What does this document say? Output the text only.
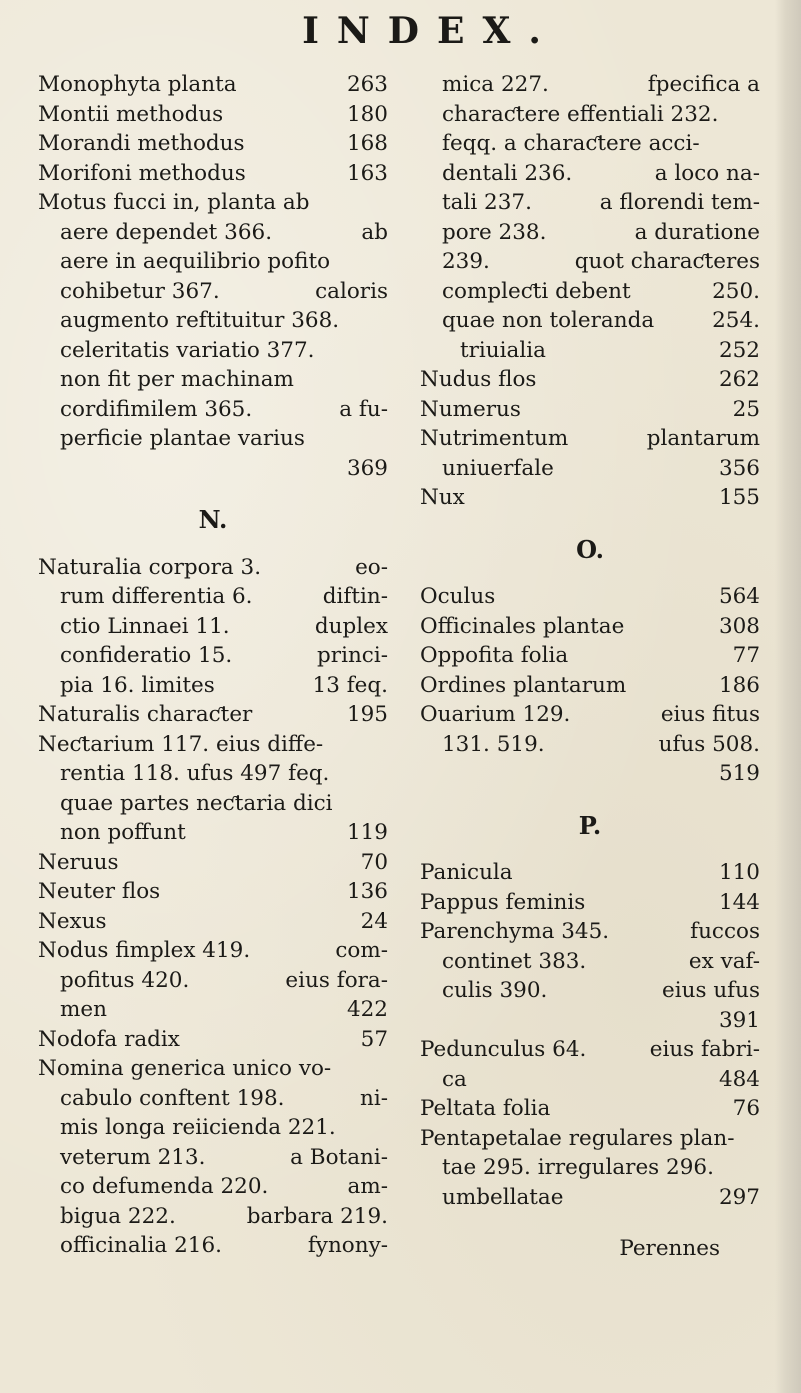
INDEX.
Monophyta planta	263
Montii methodus	180
Morandi methodus	168
Morifoni methodus	163
Motus fucci in, planta ab
aere dependet 366.	ab
aere in aequilibrio pofito
cohibetur 367.	caloris
augmento reftituitur 368.
celeritatis variatio 377.
non fit per machinam
cordifimilem 365.	a fu-
perficie plantae varius
369
N.
Naturalia corpora 3.	eo-
rum differentia 6.	diftin-
ctio Linnaei 11.	duplex
confideratio 15.	princi-
pia 16. limites	13 feq.
Naturalis charaƈter	195
Neƈtarium 117. eius diffe-
rentia 118. ufus 497 feq.
quae partes neƈtaria dici
non poffunt	119
Neruus	70
Neuter flos	136
Nexus	24
Nodus fimplex 419.	com-
pofitus 420.	eius fora-
men	422
Nodofa radix	57
Nomina generica unico vo-
cabulo conftent 198.	ni-
mis longa reiicienda 221.
veterum 213.	a Botani-
co defumenda 220.	am-
bigua 222.	barbara 219.
officinalia 216.	fynony-
mica 227.	fpecifica a
charaƈtere effentiali 232.
feqq. a charaƈtere acci-
dentali 236.	a loco na-
tali 237.	a florendi tem-
pore 238.	a duratione
239.	quot charaƈteres
compleƈti debent	250.
quae non toleranda	254.
triuialia	252
Nudus flos	262
Numerus	25
Nutrimentum	plantarum
uniuerfale	356
Nux	155
O.
Oculus	564
Officinales plantae	308
Oppofita folia	77
Ordines plantarum	186
Ouarium 129.	eius fitus
131. 519.	ufus 508.
519
P.
Panicula	110
Pappus feminis	144
Parenchyma 345.	fuccos
continet 383.	ex vaf-
culis 390.	eius ufus
391
Pedunculus 64.	eius fabri-
ca	484
Peltata folia	76
Pentapetalae regulares plan-
tae 295. irregulares 296.
umbellatae	297
Perennes
